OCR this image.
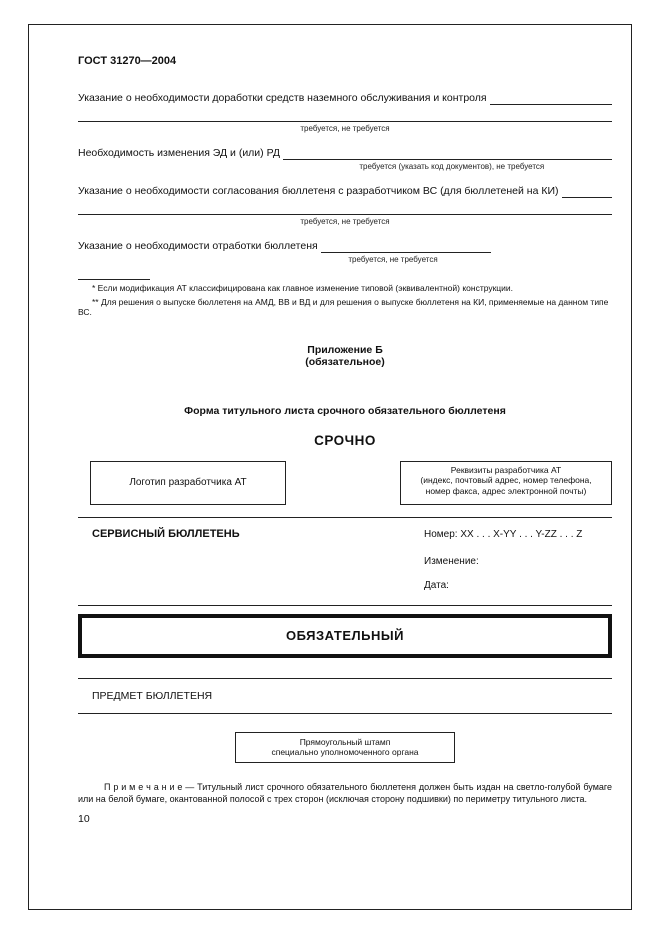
ГОСТ 31270—2004
Указание о необходимости доработки средств наземного обслуживания и контроля
требуется, не требуется
Необходимость изменения ЭД и (или) РД
требуется (указать код документов), не требуется
Указание о необходимости согласования бюллетеня с разработчиком ВС (для бюллетеней на КИ)
требуется, не требуется
Указание о необходимости отработки бюллетеня
требуется, не требуется

* Если модификация АТ классифицирована как главное изменение типовой (эквивалентной) конструкции.

** Для решения о выпуске бюллетеня на АМД, ВВ и ВД и для решения о выпуске бюллетеня на КИ, применяемые на данном типе ВС.

Приложение Б
(обязательное)
Форма титульного листа срочного обязательного бюллетеня
СРОЧНО
Логотип разработчика АТ
Реквизиты разработчика АТ
(индекс, почтовый адрес, номер телефона, номер факса, адрес электронной почты)
СЕРВИСНЫЙ БЮЛЛЕТЕНЬ	Номер: XX . . . X-YY . . . Y-ZZ . . . Z
Изменение:
Дата:
ОБЯЗАТЕЛЬНЫЙ
ПРЕДМЕТ БЮЛЛЕТЕНЯ
Прямоугольный штамп
специально уполномоченного органа

П р и м е ч а н и е — Титульный лист срочного обязательного бюллетеня должен быть издан на светло-голубой бумаге или на белой бумаге, окантованной полосой с трех сторон (исключая сторону подшивки) по периметру титульного листа.

10
